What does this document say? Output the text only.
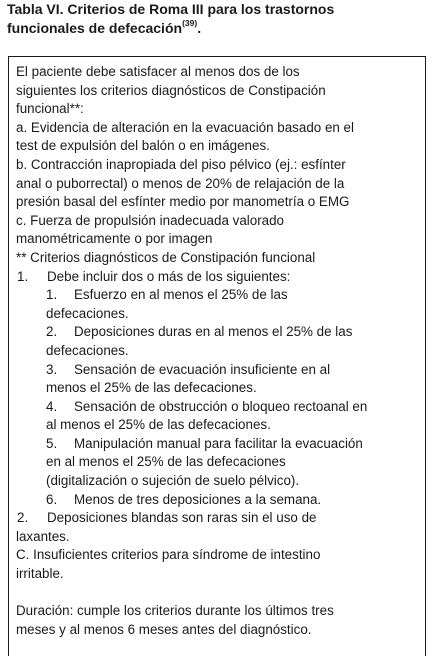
Tabla VI. Criterios de Roma III para los trastornos
funcionales de defecación$^{(39)}$.
El paciente debe satisfacer al menos dos de los
siguientes los criterios diagnósticos de Constipación
funcional**:
a. Evidencia de alteración en la evacuación basado en el
test de expulsión del balón o en imágenes.
b. Contracción inapropiada del piso pélvico (ej.: esfínter
anal o puborrectal) o menos de 20% de relajación de la
presión basal del esfínter medio por manometría o EMG
c. Fuerza de propulsión inadecuada valorado
manométricamente o por imagen
** Criterios diagnósticos de Constipación funcional
1.	Debe incluir dos o más de los siguientes:
1.	Esfuerzo en al menos el 25% de las
defecaciones.
2.	Deposiciones duras en al menos el 25% de las
defecaciones.
3.	Sensación de evacuación insuficiente en al
menos el 25% de las defecaciones.
4.	Sensación de obstrucción o bloqueo rectoanal en
al menos el 25% de las defecaciones.
5.	Manipulación manual para facilitar la evacuación
en al menos el 25% de las defecaciones
(digitalización o sujeción de suelo pélvico).
6.	Menos de tres deposiciones a la semana.
2.	Deposiciones blandas son raras sin el uso de
laxantes.
C. Insuficientes criterios para síndrome de intestino
irritable.
Duración: cumple los criterios durante los últimos tres
meses y al menos 6 meses antes del diagnóstico.
